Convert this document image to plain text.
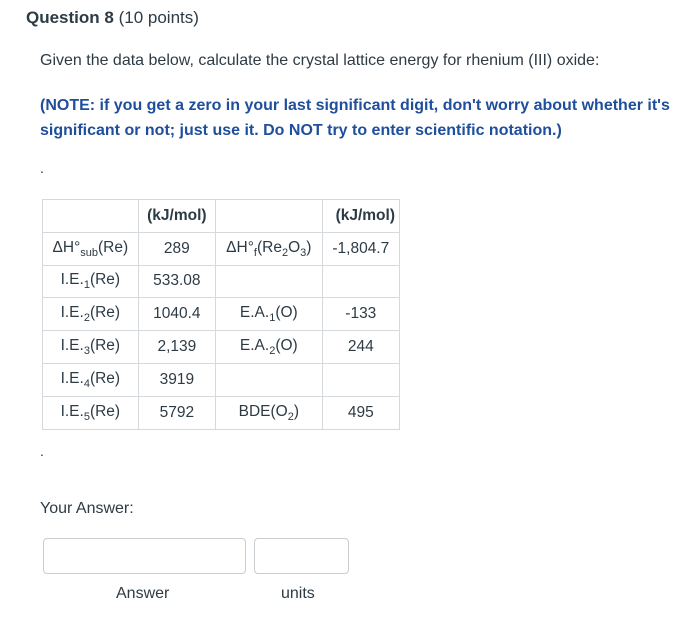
Question 8 (10 points)
Given the data below, calculate the crystal lattice energy for rhenium (III) oxide:
(NOTE: if you get a zero in your last significant digit, don't worry about whether it's significant or not; just use it. Do NOT try to enter scientific notation.)
.
	(kJ/mol)		(kJ/mol)
$\Delta H^\circ_{sub}(Re)$	289	$\Delta H^\circ_f(Re_2O_3)$	-1,804.7
$I.E._1(Re)$	533.08		
$I.E._2(Re)$	1040.4	$E.A._1(O)$	-133
$I.E._3(Re)$	2,139	$E.A._2(O)$	244
$I.E._4(Re)$	3919		
$I.E._5(Re)$	5792	$BDE(O_2)$	495
.
Your Answer:
Answer	units
